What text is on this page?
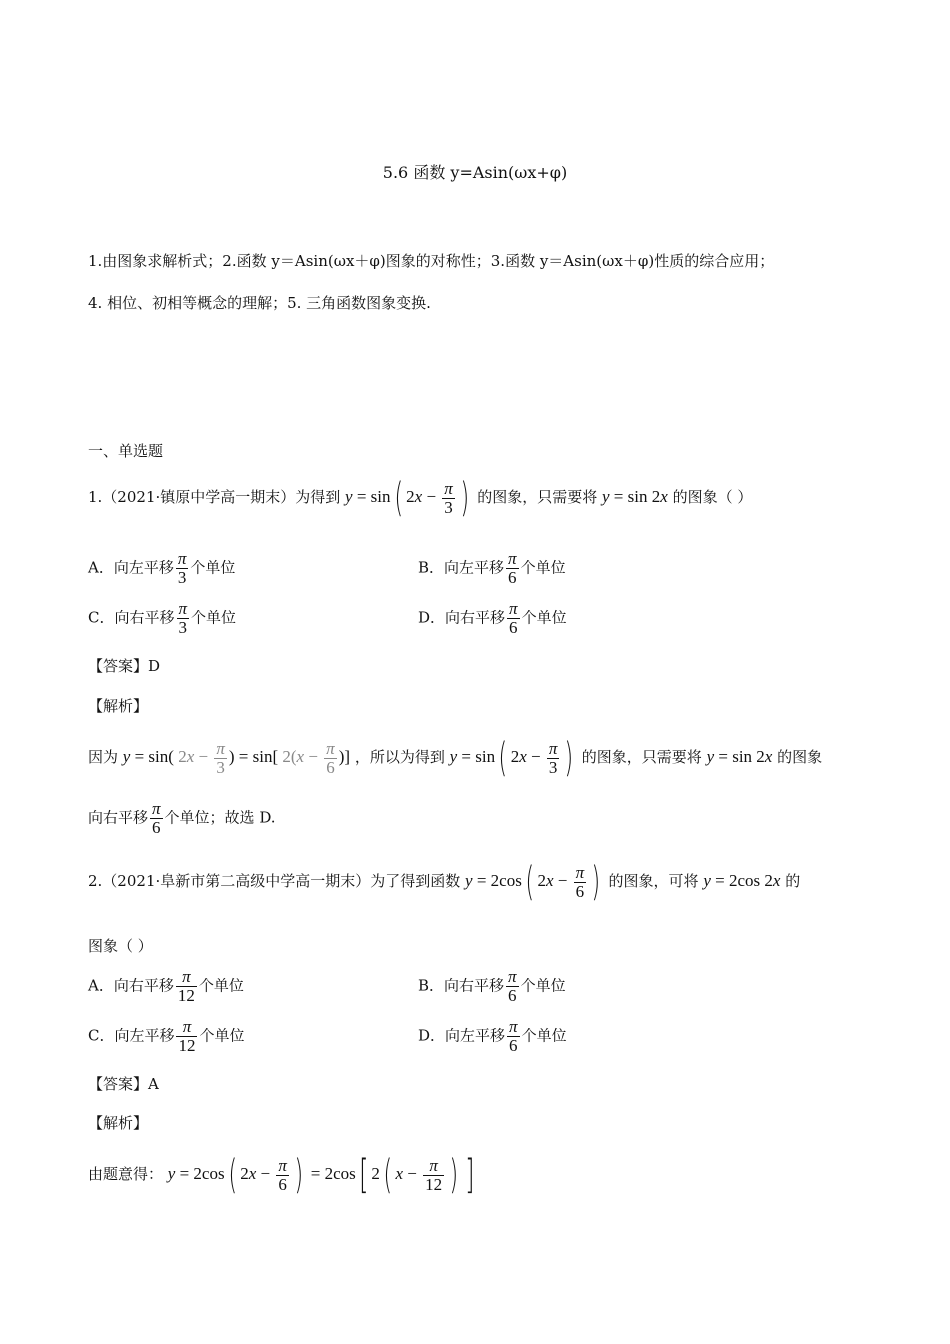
5.6 函数 y=Asin(ωx+φ)
1.由图象求解析式；2.函数 y＝Asin(ωx＋φ)图象的对称性；3.函数 y＝Asin(ωx＋φ)性质的综合应用；
4. 相位、初相等概念的理解；5. 三角函数图象变换.
一、单选题
1.（2021·镇原中学高一期末）为得到 y = sin( $2x - \frac{\pi}{3}$ ) 的图象，只需要将 y = sin 2x 的图象（ ）
A．向左平移 $\frac{\pi}{3}$ 个单位	B．向左平移 $\frac{\pi}{6}$ 个单位
C．向右平移 $\frac{\pi}{3}$ 个单位	D．向右平移 $\frac{\pi}{6}$ 个单位
【答案】D
【解析】
因为 y = sin( $2x - \frac{\pi}{3}$ ) = sin[ $2(x - \frac{\pi}{6}$ )] ，所以为得到 y = sin( $2x - \frac{\pi}{3}$ ) 的图象，只需要将 y = sin 2x 的图象
向右平移 $\frac{\pi}{6}$ 个单位；故选 D.
2.（2021·阜新市第二高级中学高一期末）为了得到函数 y = 2cos( $2x - \frac{\pi}{6}$ ) 的图象，可将 y = 2cos 2x 的
图象（ ）
A．向右平移 $\frac{\pi}{12}$ 个单位	B．向右平移 $\frac{\pi}{6}$ 个单位
C．向左平移 $\frac{\pi}{12}$ 个单位	D．向左平移 $\frac{\pi}{6}$ 个单位
【答案】A
【解析】
由题意得： y = 2cos( $2x - \frac{\pi}{6}$ ) = 2cos[ 2( $x - \frac{\pi}{12}$ ) ]
